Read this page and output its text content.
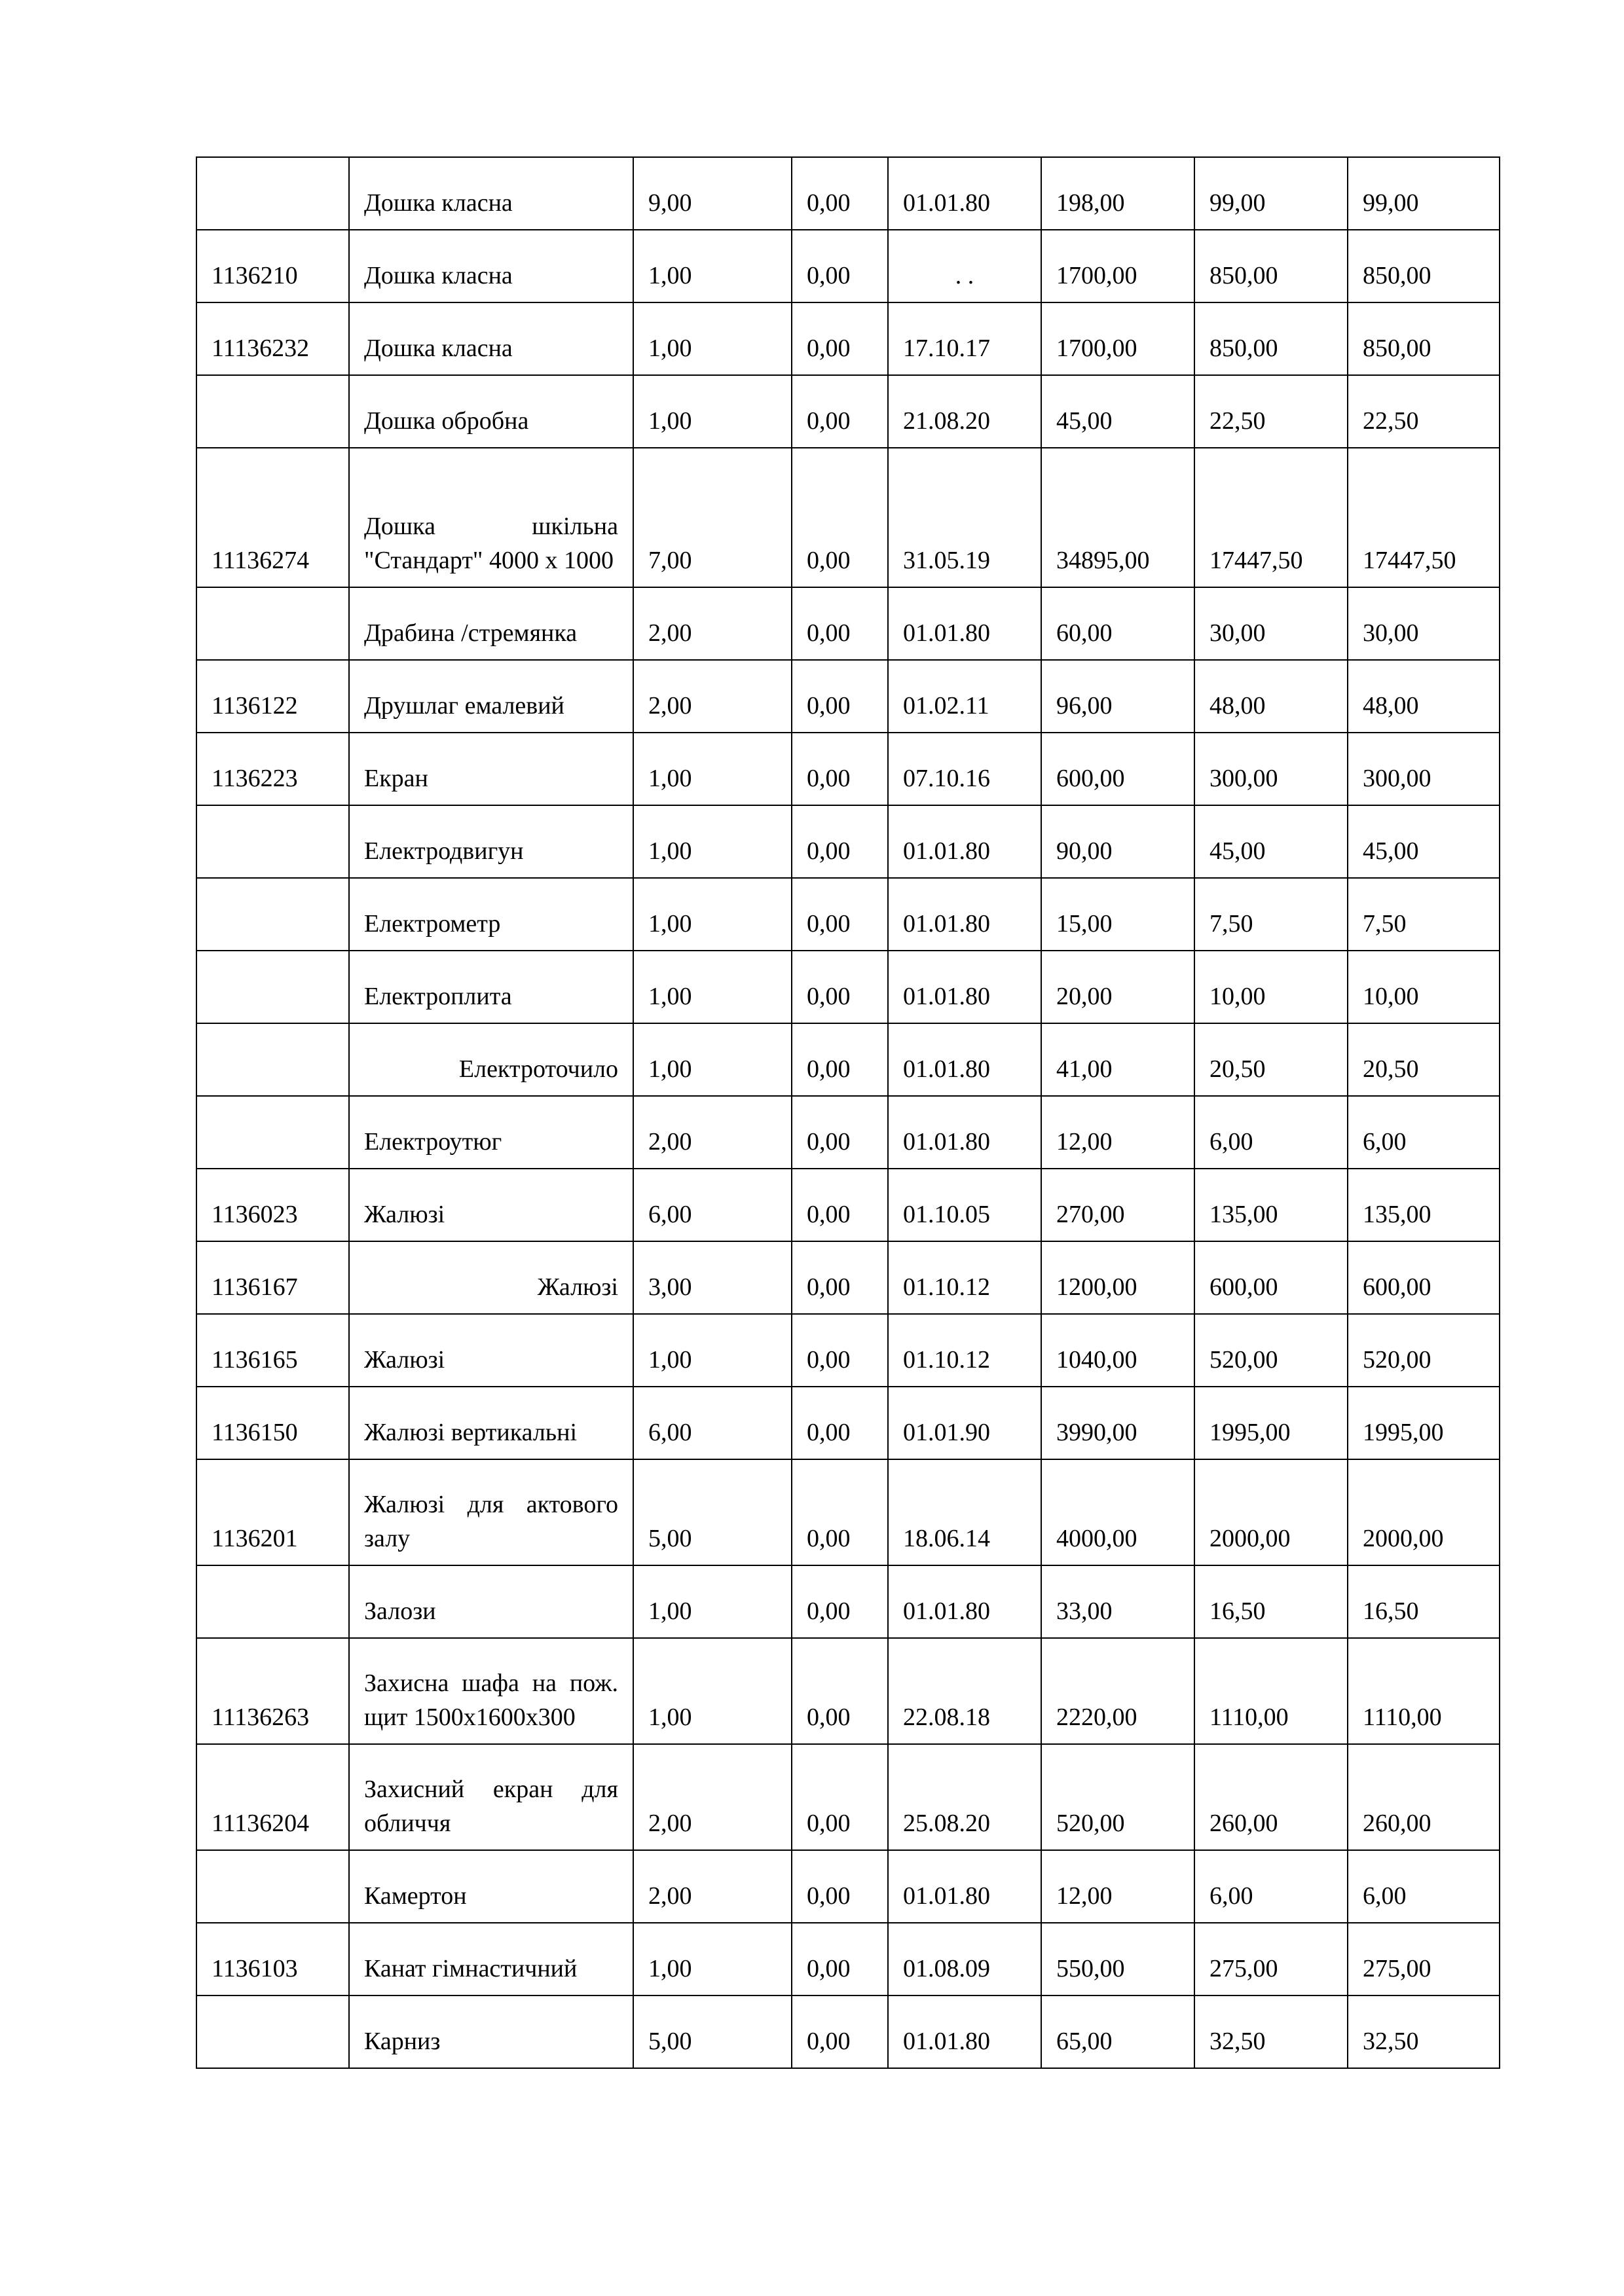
	Дошка класна	9,00	0,00	01.01.80	198,00	99,00	99,00
1136210	Дошка класна	1,00	0,00	. .	1700,00	850,00	850,00
11136232	Дошка класна	1,00	0,00	17.10.17	1700,00	850,00	850,00
	Дошка обробна	1,00	0,00	21.08.20	45,00	22,50	22,50
11136274	Дошка шкільна "Стандарт" 4000 х 1000	7,00	0,00	31.05.19	34895,00	17447,50	17447,50
	Драбина /стремянка	2,00	0,00	01.01.80	60,00	30,00	30,00
1136122	Друшлаг емалевий	2,00	0,00	01.02.11	96,00	48,00	48,00
1136223	Екран	1,00	0,00	07.10.16	600,00	300,00	300,00
	Електродвигун	1,00	0,00	01.01.80	90,00	45,00	45,00
	Електрометр	1,00	0,00	01.01.80	15,00	7,50	7,50
	Електроплита	1,00	0,00	01.01.80	20,00	10,00	10,00
	Електроточило	1,00	0,00	01.01.80	41,00	20,50	20,50
	Електроутюг	2,00	0,00	01.01.80	12,00	6,00	6,00
1136023	Жалюзі	6,00	0,00	01.10.05	270,00	135,00	135,00
1136167	Жалюзі	3,00	0,00	01.10.12	1200,00	600,00	600,00
1136165	Жалюзі	1,00	0,00	01.10.12	1040,00	520,00	520,00
1136150	Жалюзі вертикальні	6,00	0,00	01.01.90	3990,00	1995,00	1995,00
1136201	Жалюзі для актового залу	5,00	0,00	18.06.14	4000,00	2000,00	2000,00
	Залози	1,00	0,00	01.01.80	33,00	16,50	16,50
11136263	Захисна шафа на пож. щит 1500х1600х300	1,00	0,00	22.08.18	2220,00	1110,00	1110,00
11136204	Захисний екран для обличчя	2,00	0,00	25.08.20	520,00	260,00	260,00
	Камертон	2,00	0,00	01.01.80	12,00	6,00	6,00
1136103	Канат гімнастичний	1,00	0,00	01.08.09	550,00	275,00	275,00
	Карниз	5,00	0,00	01.01.80	65,00	32,50	32,50
